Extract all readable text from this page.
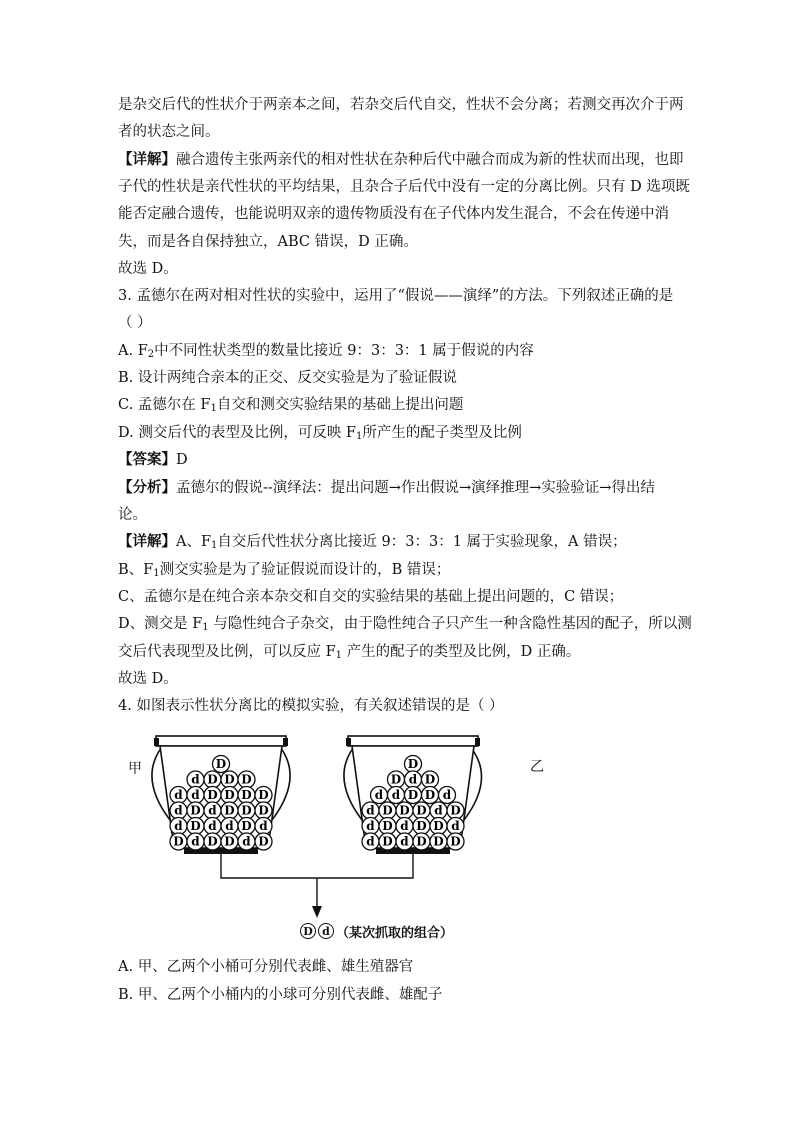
是杂交后代的性状介于两亲本之间，若杂交后代自交，性状不会分离；若测交再次介于两
者的状态之间。
【详解】融合遗传主张两亲代的相对性状在杂种后代中融合而成为新的性状而出现，也即
子代的性状是亲代性状的平均结果，且杂合子后代中没有一定的分离比例。只有 D 选项既
能否定融合遗传，也能说明双亲的遗传物质没有在子代体内发生混合，不会在传递中消
失，而是各自保持独立，ABC 错误，D 正确。
故选 D。
3. 孟德尔在两对相对性状的实验中，运用了“假说——演绎”的方法。下列叙述正确的是
（ ）
A. $F_2$中不同性状类型的数量比接近 9：3：3：1 属于假说的内容
B. 设计两纯合亲本的正交、反交实验是为了验证假说
C. 孟德尔在 $F_1$自交和测交实验结果的基础上提出问题
D. 测交后代的表型及比例，可反映 $F_1$所产生的配子类型及比例
【答案】D
【分析】孟德尔的假说--演绎法：提出问题→作出假说→演绎推理→实验验证→得出结
论。
【详解】A、$F_1$自交后代性状分离比接近 9：3：3：1 属于实验现象，A 错误；
B、$F_1$测交实验是为了验证假说而设计的，B 错误；
C、孟德尔是在纯合亲本杂交和自交的实验结果的基础上提出问题的，C 错误；
D、测交是 $F_1$ 与隐性纯合子杂交，由于隐性纯合子只产生一种含隐性基因的配子，所以测
交后代表现型及比例，可以反应 $F_1$ 产生的配子的类型及比例，D 正确。
故选 D。
4. 如图表示性状分离比的模拟实验，有关叙述错误的是（ ）
D
d D D D
d d D D D D
d D d D D D
d D d d D d
D d D D d D
D
D d D
d d D D d
d D D D d D
d D d D D d
d D d D D D
甲	乙
D d （某次抓取的组合）
A. 甲、乙两个小桶可分别代表雌、雄生殖器官
B. 甲、乙两个小桶内的小球可分别代表雌、雄配子
